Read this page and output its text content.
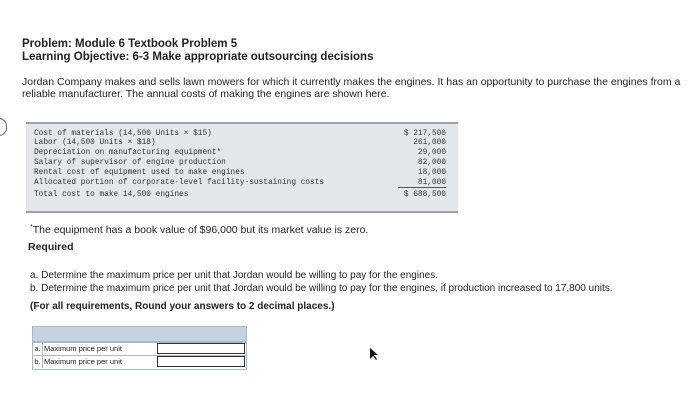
Problem: Module 6 Textbook Problem 5
Learning Objective: 6-3 Make appropriate outsourcing decisions
Jordan Company makes and sells lawn mowers for which it currently makes the engines. It has an opportunity to purchase the engines from a reliable manufacturer. The annual costs of making the engines are shown here.
Cost of materials (14,500 Units × $15)	$ 217,500
Labor (14,500 Units × $18)	261,000
Depreciation on manufacturing equipment*	29,000
Salary of supervisor of engine production	82,000
Rental cost of equipment used to make engines	18,000
Allocated portion of corporate-level facility-sustaining costs	81,000
Total cost to make 14,500 engines	$ 688,500
*The equipment has a book value of $96,000 but its market value is zero.
Required
a. Determine the maximum price per unit that Jordan would be willing to pay for the engines.
b. Determine the maximum price per unit that Jordan would be willing to pay for the engines, if production increased to 17,800 units.
(For all requirements, Round your answers to 2 decimal places.)
a. Maximum price per unit
b. Maximum price per unit
